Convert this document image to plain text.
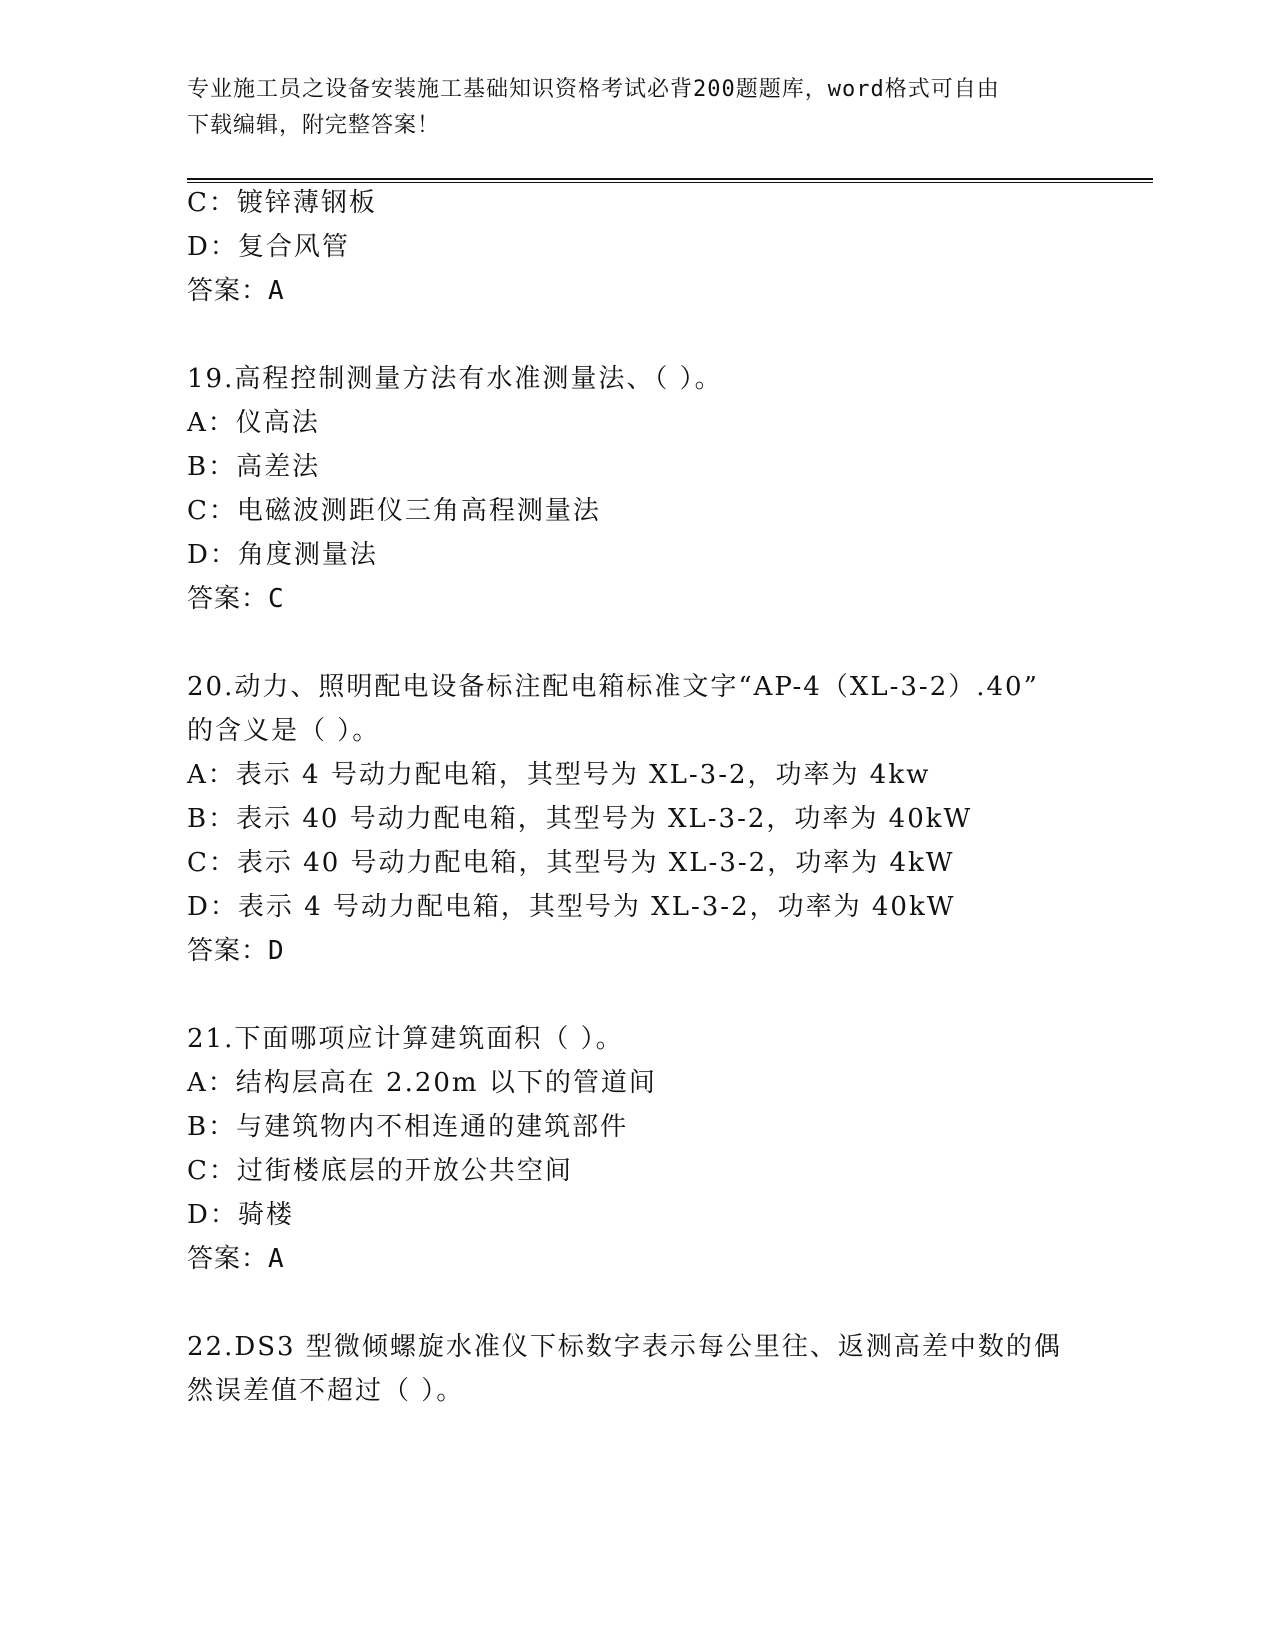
专业施工员之设备安装施工基础知识资格考试必背200题题库，word格式可自由
下载编辑，附完整答案！
C：镀锌薄钢板
D：复合风管
答案：A
19.高程控制测量方法有水准测量法、（ ）。
A：仪高法
B：高差法
C：电磁波测距仪三角高程测量法
D：角度测量法
答案：C
20.动力、照明配电设备标注配电箱标准文字“AP-4（XL-3-2）.40”
的含义是（ ）。
A：表示 4 号动力配电箱，其型号为 XL-3-2，功率为 4kw
B：表示 40 号动力配电箱，其型号为 XL-3-2，功率为 40kW
C：表示 40 号动力配电箱，其型号为 XL-3-2，功率为 4kW
D：表示 4 号动力配电箱，其型号为 XL-3-2，功率为 40kW
答案：D
21.下面哪项应计算建筑面积（ ）。
A：结构层高在 2.20m 以下的管道间
B：与建筑物内不相连通的建筑部件
C：过街楼底层的开放公共空间
D：骑楼
答案：A
22.DS3 型微倾螺旋水准仪下标数字表示每公里往、返测高差中数的偶
然误差值不超过（ ）。
